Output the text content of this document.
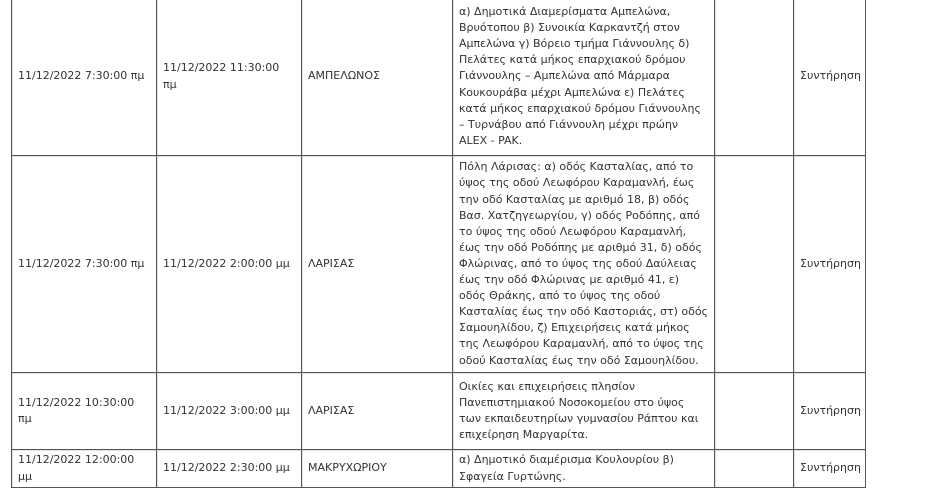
11/12/2022 7:30:00 πμ	11/12/2022 11:30:00 πμ	ΑΜΠΕΛΩΝΟΣ	α) Δημοτικά Διαμερίσματα Αμπελώνα, Βρυότοπου β) Συνοικία Καρκαντζή στον Αμπελώνα γ) Βόρειο τμήμα Γιάννουλης δ) Πελάτες κατά μήκος επαρχιακού δρόμου Γιάννουλης – Αμπελώνα από Μάρμαρα Κουκουράβα μέχρι Αμπελώνα ε) Πελάτες κατά μήκος επαρχιακού δρόμου Γιάννουλης – Τυρνάβου από Γιάννουλη μέχρι πρώην ALEX - PAK.		Συντήρηση
11/12/2022 7:30:00 πμ	11/12/2022 2:00:00 μμ	ΛΑΡΙΣΑΣ	Πόλη Λάρισας: α) οδός Κασταλίας, από το ύψος της οδού Λεωφόρου Καραμανλή, έως την οδό Κασταλίας με αριθμό 18, β) οδός Βασ. Χατζηγεωργίου, γ) οδός Ροδόπης, από το ύψος της οδού Λεωφόρου Καραμανλή, έως την οδό Ροδόπης με αριθμό 31, δ) οδός Φλώρινας, από το ύψος της οδού Δαύλειας έως την οδό Φλώρινας με αριθμό 41, ε) οδός Θράκης, από το ύψος της οδού Κασταλίας έως την οδό Καστοριάς, στ) οδός Σαμουηλίδου, ζ) Επιχειρήσεις κατά μήκος της Λεωφόρου Καραμανλή, από το ύψος της οδού Κασταλίας έως την οδό Σαμουηλίδου.		Συντήρηση
11/12/2022 10:30:00 πμ	11/12/2022 3:00:00 μμ	ΛΑΡΙΣΑΣ	Οικίες και επιχειρήσεις πλησίον Πανεπιστημιακού Νοσοκομείου στο ύψος των εκπαιδευτηρίων γυμνασίου Ράπτου και επιχείρηση Μαργαρίτα.		Συντήρηση
11/12/2022 12:00:00 μμ	11/12/2022 2:30:00 μμ	ΜΑΚΡΥΧΩΡΙΟΥ	α) Δημοτικό διαμέρισμα Κουλουρίου β) Σφαγεία Γυρτώνης.		Συντήρηση
